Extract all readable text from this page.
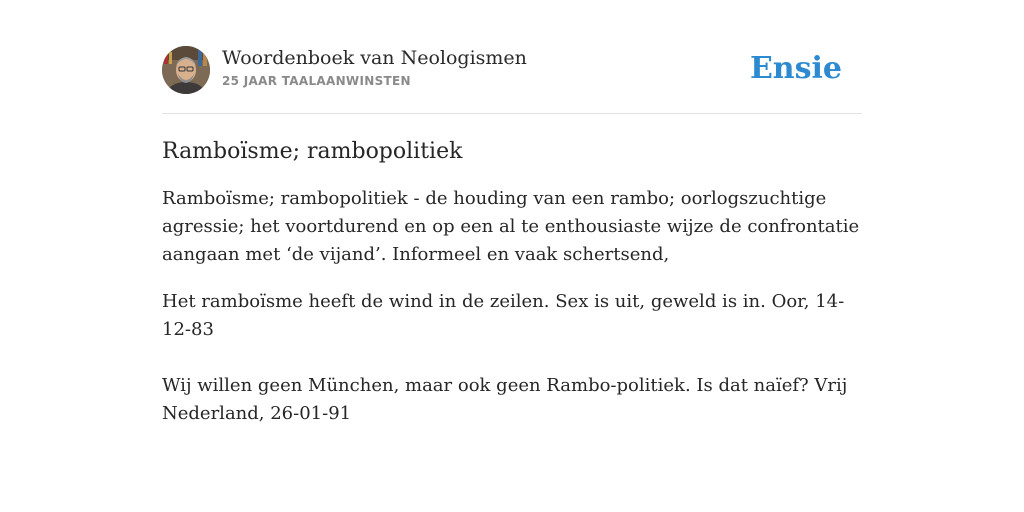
Woordenboek van Neologismen
25 JAAR TAALAANWINSTEN	Ensie
Ramboïsme; rambopolitiek

Ramboïsme; rambopolitiek - de houding van een rambo; oorlogszuchtige agressie; het voortdurend en op een al te enthousiaste wijze de confrontatie aangaan met ‘de vijand’. Informeel en vaak schertsend,

Het ramboïsme heeft de wind in de zeilen. Sex is uit, geweld is in. Oor, 14-12-83

Wij willen geen München, maar ook geen Rambo-politiek. Is dat naïef? Vrij Nederland, 26-01-91
